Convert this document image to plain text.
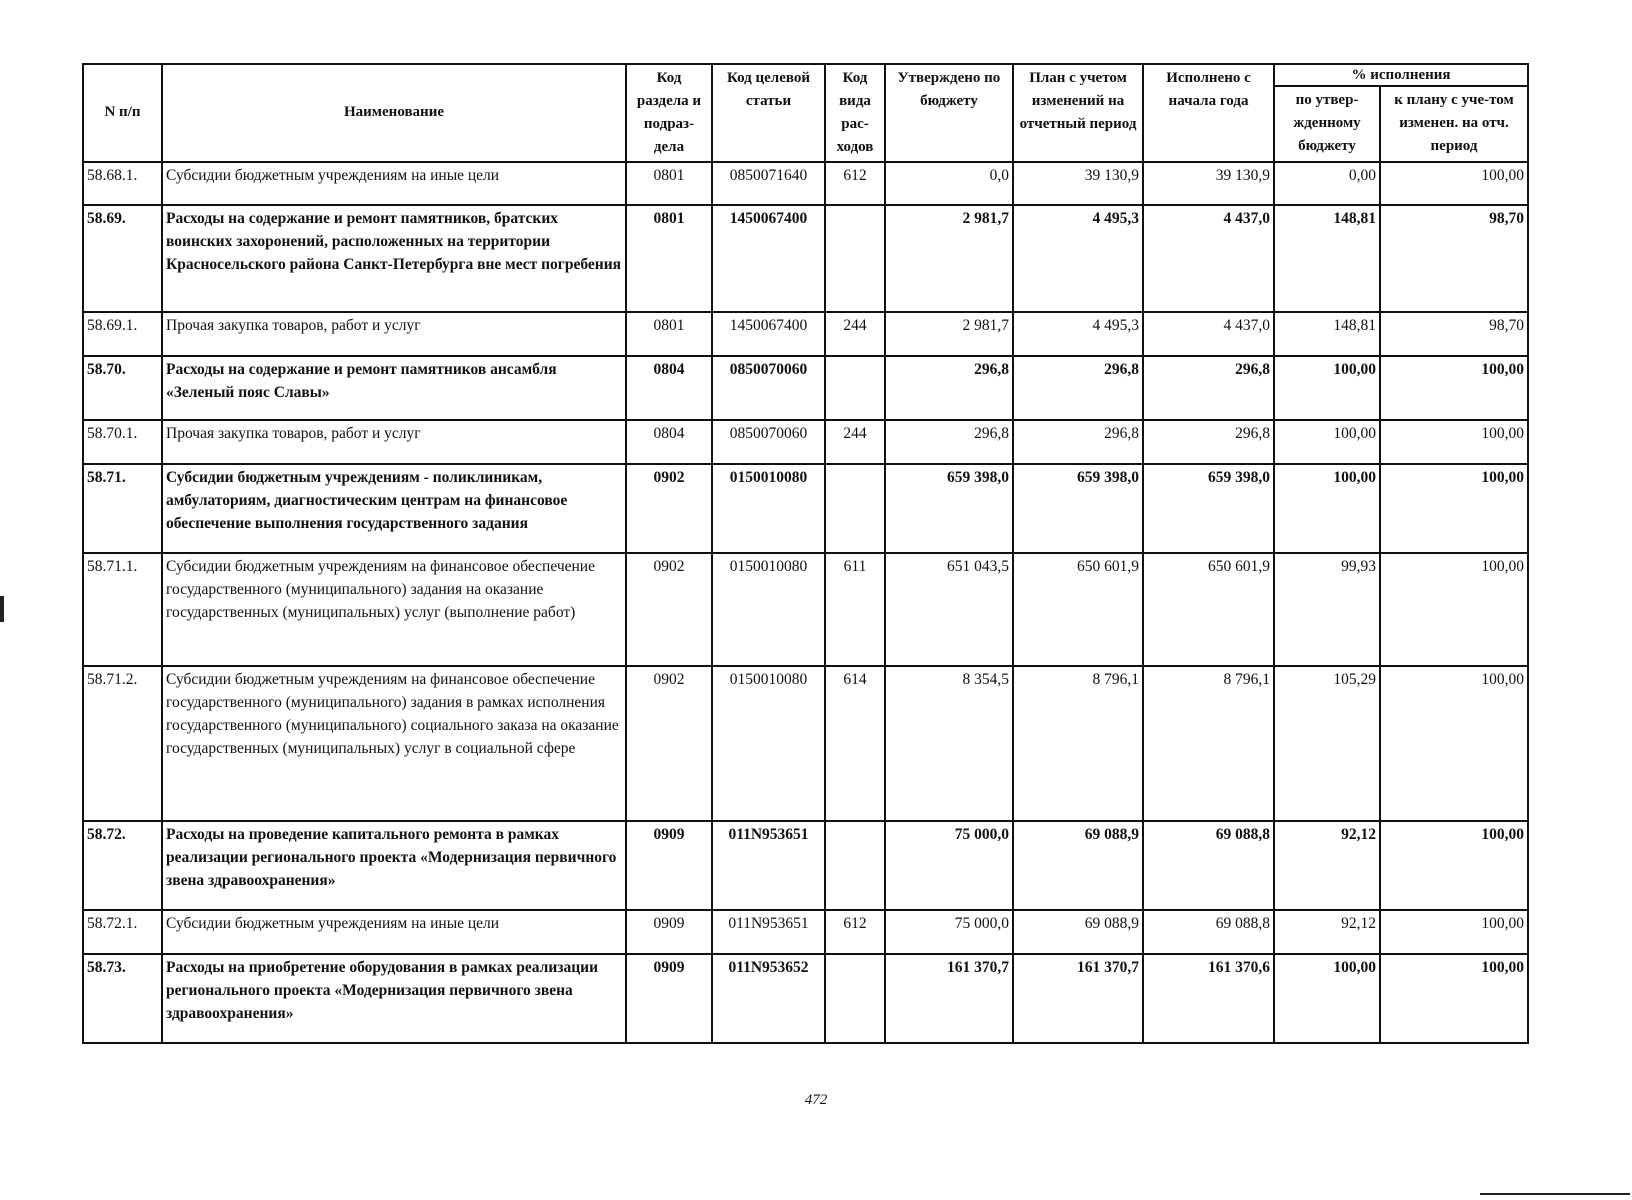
N п/п	Наименование	Код раздела и подраз-дела	Код целевой статьи	Код вида рас-ходов	Утверждено по бюджету	План с учетом изменений на отчетный период	Исполнено с начала года	% исполнения	
								по утвер-жденному бюджету	к плану с уче-том изменен. на отч. период
58.68.1.	Субсидии бюджетным учреждениям на иные цели	0801	0850071640	612	0,0	39 130,9	39 130,9	0,00	100,00
58.69.	Расходы на содержание и ремонт памятников, братских воинских захоронений, расположенных на территории Красносельского района Санкт-Петербурга вне мест погребения	0801	1450067400		2 981,7	4 495,3	4 437,0	148,81	98,70
58.69.1.	Прочая закупка товаров, работ и услуг	0801	1450067400	244	2 981,7	4 495,3	4 437,0	148,81	98,70
58.70.	Расходы на содержание и ремонт памятников ансамбля «Зеленый пояс Славы»	0804	0850070060		296,8	296,8	296,8	100,00	100,00
58.70.1.	Прочая закупка товаров, работ и услуг	0804	0850070060	244	296,8	296,8	296,8	100,00	100,00
58.71.	Субсидии бюджетным учреждениям - поликлиникам, амбулаториям, диагностическим центрам на финансовое обеспечение выполнения государственного задания	0902	0150010080		659 398,0	659 398,0	659 398,0	100,00	100,00
58.71.1.	Субсидии бюджетным учреждениям на финансовое обеспечение государственного (муниципального) задания на оказание государственных (муниципальных) услуг (выполнение работ)	0902	0150010080	611	651 043,5	650 601,9	650 601,9	99,93	100,00
58.71.2.	Субсидии бюджетным учреждениям на финансовое обеспечение государственного (муниципального) задания в рамках исполнения государственного (муниципального) социального заказа на оказание государственных (муниципальных) услуг в социальной сфере	0902	0150010080	614	8 354,5	8 796,1	8 796,1	105,29	100,00
58.72.	Расходы на проведение капитального ремонта в рамках реализации регионального проекта «Модернизация первичного звена здравоохранения»	0909	011N953651		75 000,0	69 088,9	69 088,8	92,12	100,00
58.72.1.	Субсидии бюджетным учреждениям на иные цели	0909	011N953651	612	75 000,0	69 088,9	69 088,8	92,12	100,00
58.73.	Расходы на приобретение оборудования в рамках реализации регионального проекта «Модернизация первичного звена здравоохранения»	0909	011N953652		161 370,7	161 370,7	161 370,6	100,00	100,00
472
